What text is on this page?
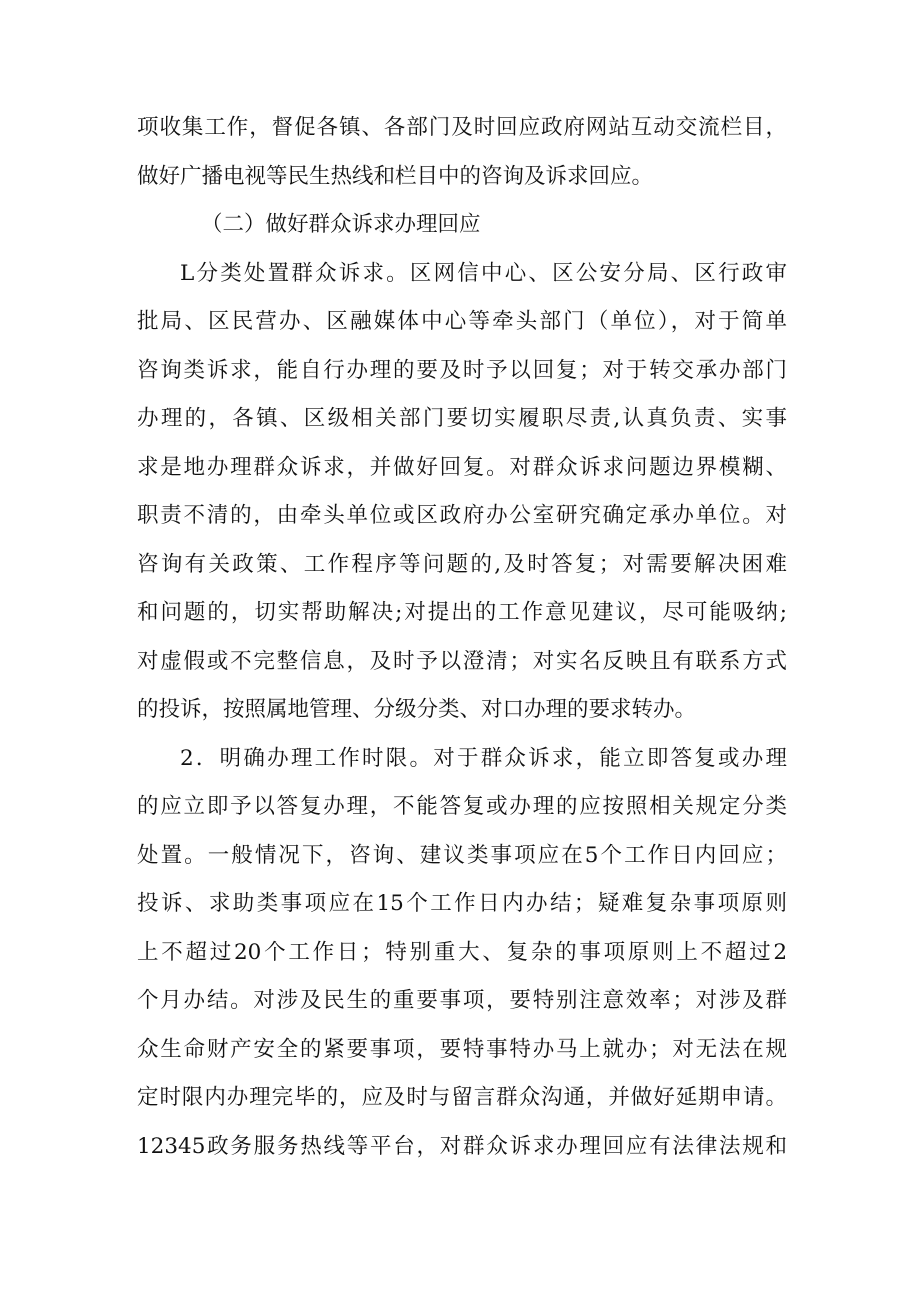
项收集工作，督促各镇、各部门及时回应政府网站互动交流栏目，
做好广播电视等民生热线和栏目中的咨询及诉求回应。
（二）做好群众诉求办理回应
L分类处置群众诉求。区网信中心、区公安分局、区行政审
批局、区民营办、区融媒体中心等牵头部门（单位），对于简单
咨询类诉求，能自行办理的要及时予以回复；对于转交承办部门
办理的，各镇、区级相关部门要切实履职尽责,认真负责、实事
求是地办理群众诉求，并做好回复。对群众诉求问题边界模糊、
职责不清的，由牵头单位或区政府办公室研究确定承办单位。对
咨询有关政策、工作程序等问题的,及时答复；对需要解决困难
和问题的，切实帮助解决;对提出的工作意见建议，尽可能吸纳;
对虚假或不完整信息，及时予以澄清；对实名反映且有联系方式
的投诉，按照属地管理、分级分类、对口办理的要求转办。
2．明确办理工作时限。对于群众诉求，能立即答复或办理
的应立即予以答复办理，不能答复或办理的应按照相关规定分类
处置。一般情况下，咨询、建议类事项应在5个工作日内回应；
投诉、求助类事项应在15个工作日内办结；疑难复杂事项原则
上不超过20个工作日；特别重大、复杂的事项原则上不超过2
个月办结。对涉及民生的重要事项，要特别注意效率；对涉及群
众生命财产安全的紧要事项，要特事特办马上就办；对无法在规
定时限内办理完毕的，应及时与留言群众沟通，并做好延期申请。
12345政务服务热线等平台，对群众诉求办理回应有法律法规和
